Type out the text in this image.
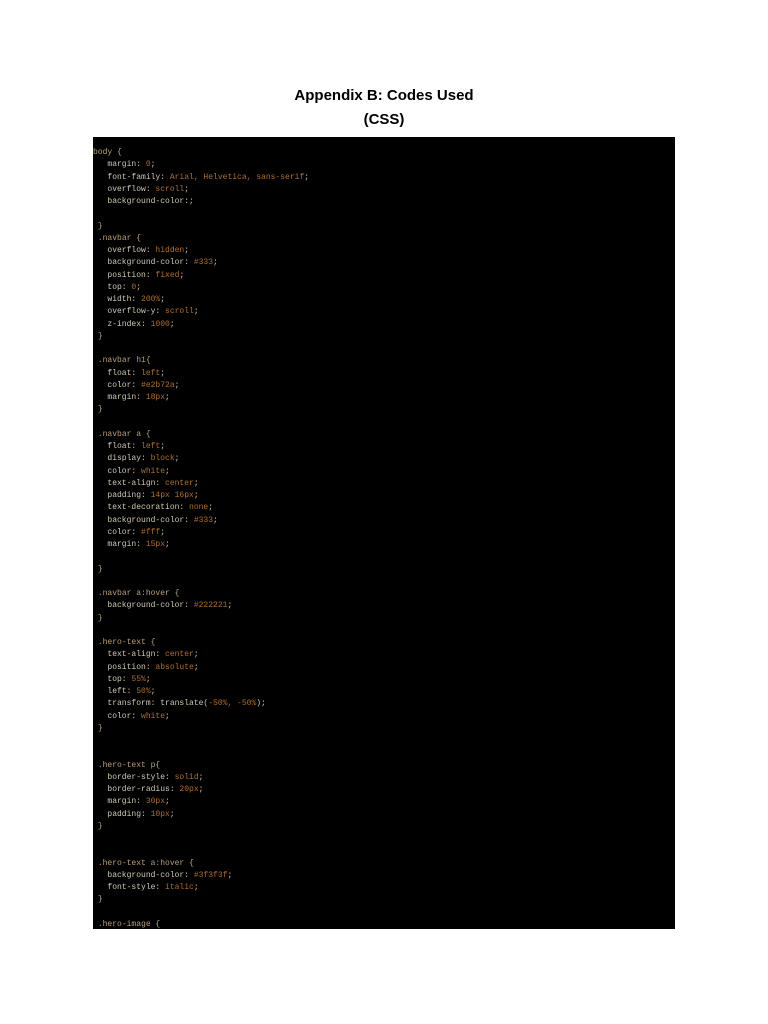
Appendix B: Codes Used
(CSS)
body {
margin: 0;
font-family: Arial, Helvetica, sans-serif;
overflow: scroll;
background-color:;
}
.navbar {
overflow: hidden;
background-color: #333;
position: fixed;
top: 0;
width: 200%;
overflow-y: scroll;
z-index: 1000;
}
.navbar h1{
float: left;
color: #e2b72a;
margin: 18px;
}
.navbar a {
float: left;
display: block;
color: white;
text-align: center;
padding: 14px 16px;
text-decoration: none;
background-color: #333;
color: #fff;
margin: 15px;
}
.navbar a:hover {
background-color: #222221;
}
.hero-text {
text-align: center;
position: absolute;
top: 55%;
left: 50%;
transform: translate(-50%, -50%);
color: white;
}
.hero-text p{
border-style: solid;
border-radius: 20px;
margin: 30px;
padding: 10px;
}
.hero-text a:hover {
background-color: #3f3f3f;
font-style: italic;
}
.hero-image {
